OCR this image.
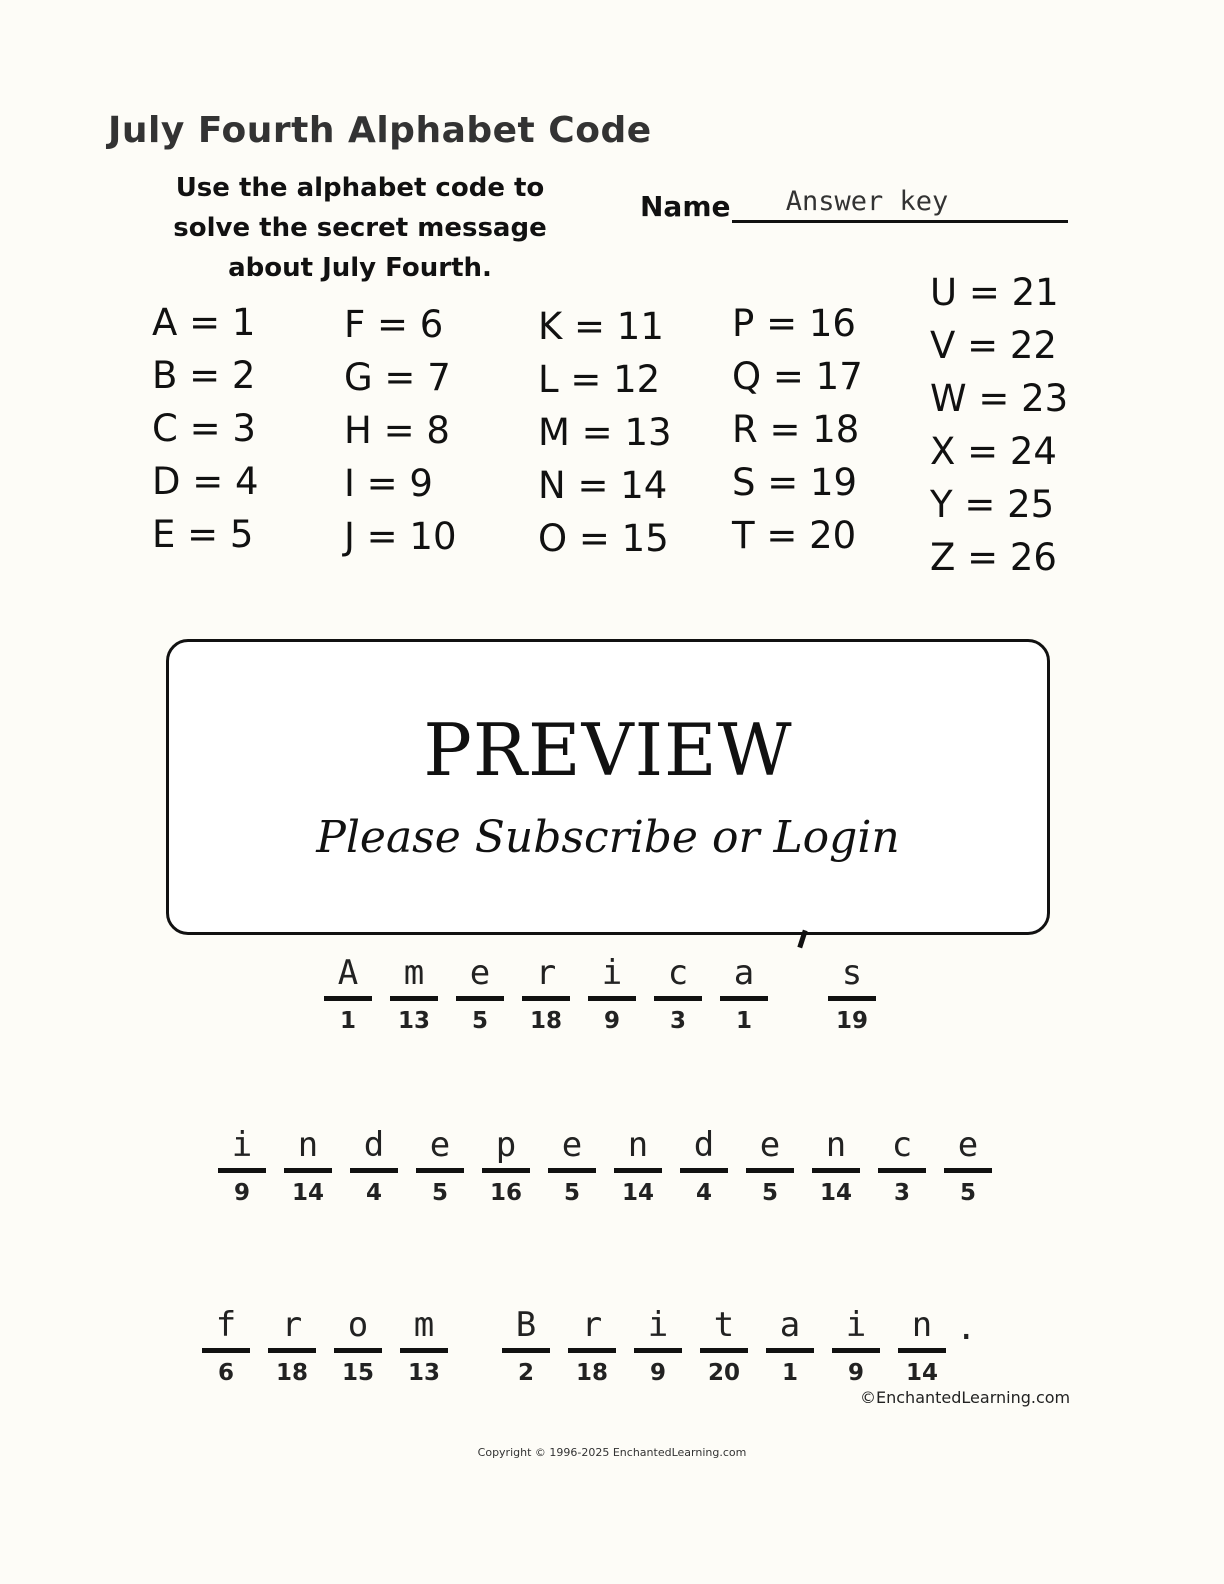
July Fourth Alphabet Code
Use the alphabet code to
solve the secret message
about July Fourth.
Name	Answer key
A = 1
B = 2
C = 3
D = 4
E = 5
F = 6
G = 7
H = 8
I = 9
J = 10
K = 11
L = 12
M = 13
N = 14
O = 15
P = 16
Q = 17
R = 18
S = 19
T = 20
U = 21
V = 22
W = 23
X = 24
Y = 25
Z = 26
PREVIEW
Please Subscribe or Login
A
1
m
13
e
5
r
18
i
9
c
3
a
1
s
19
i
9
n
14
d
4
e
5
p
16
e
5
n
14
d
4
e
5
n
14
c
3
e
5
f
6
r
18
o
15
m
13
B
2
r
18
i
9
t
20
a
1
i
9
n
14
.
©EnchantedLearning.com
Copyright © 1996-2025 EnchantedLearning.com
